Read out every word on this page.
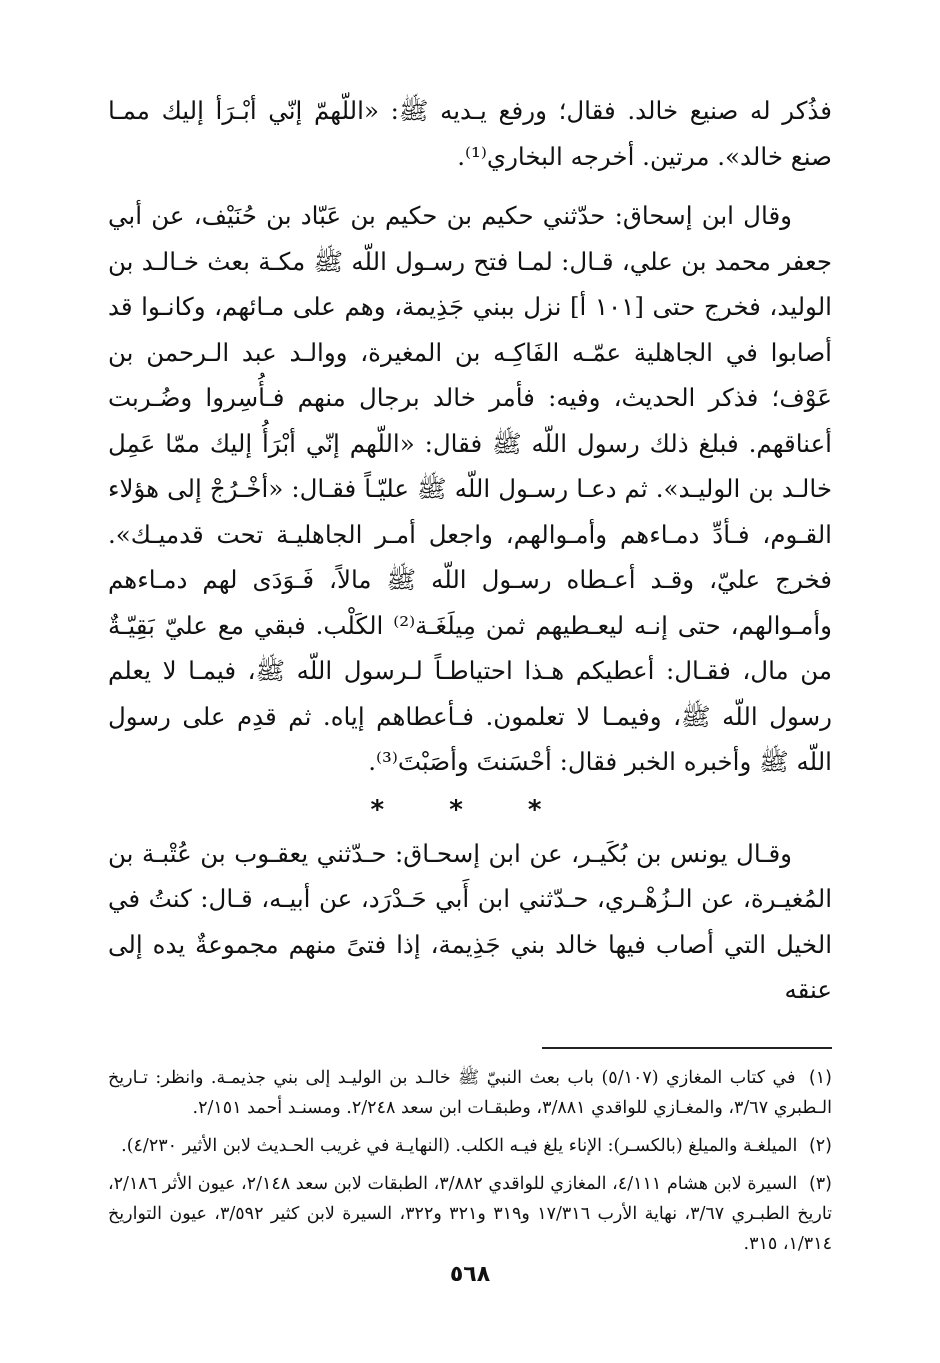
فذُكر له صنيع خالد. فقال؛ ورفع يـديه ﷺ: «اللّهمّ إنّي أبْـرَأ إليك ممـا صنع خالد». مرتين. أخرجه البخاري⁽¹⁾.

وقال ابن إسحاق: حدّثني حكيم بن حكيم بن عَبّاد بن حُنَيْف، عن أبي جعفر محمد بن علي، قـال: لمـا فتح رسـول اللّه ﷺ مكـة بعث خـالـد بن الوليد، فخرج حتى [١٠١ أ] نزل ببني جَذِيمة، وهم على مـائهم، وكانـوا قد أصابوا في الجاهلية عمّـه الفَاكِـه بن المغيرة، ووالـد عبد الـرحمن بن عَوْف؛ فذكر الحديث، وفيه: فأمر خالد برجال منهم فـأُسِروا وضُـربت أعناقهم. فبلغ ذلك رسول اللّه ﷺ فقال: «اللّهم إنّي أبْرَأُ إليك ممّا عَمِل خالـد بن الوليـد». ثم دعـا رسـول اللّه ﷺ عليّـاً فقـال: «أخْـرُجْ إلى هؤلاء القـوم، فـأدِّ دمـاءهم وأمـوالهم، واجعل أمـر الجاهليـة تحت قدميـك». فخرج عليّ، وقـد أعـطاه رسـول اللّه ﷺ مالاً، فَـوَدَى لهم دمـاءهم وأمـوالهم، حتى إنـه ليعـطيهم ثمن مِيلَغَـة⁽²⁾ الكَلْب. فبقي مع عليّ بَقِيّـةٌ من مال، فقـال: أعطيكم هـذا احتياطـاً لـرسول اللّه ﷺ، فيمـا لا يعلم رسول اللّه ﷺ، وفيمـا لا تعلمون. فـأعطاهم إياه. ثم قدِم على رسول اللّه ﷺ وأخبره الخبر فقال: أحْسَنتَ وأصَبْتَ⁽³⁾.

* * *

وقـال يونس بن بُكَيـر، عن ابن إسحـاق: حـدّثني يعقـوب بن عُتْبـة بن المُغيـرة، عن الـزُهْـري، حـدّثني ابن أَبي حَـدْرَد، عن أبيـه، قـال: كنتُ في الخيل التي أصاب فيها خالد بني جَذِيمة، إذا فتىً منهم مجموعةٌ يده إلى عنقه

(١) في كتاب المغازي (٥/١٠٧) باب بعث النبيّ ﷺ خالـد بن الوليـد إلى بني جذيمـة. وانظر: تـاريخ الـطبري ٣/٦٧، والمغـازي للواقدي ٣/٨٨١، وطبقـات ابن سعد ٢/٢٤٨. ومسنـد أحمد ٢/١٥١.

(٢) الميلغـة والميلغ (بالكسـر): الإناء يلغ فيـه الكلب. (النهايـة في غريب الحـديث لابن الأثير ٤/٢٣٠).

(٣) السيرة لابن هشام ٤/١١١، المغازي للواقدي ٣/٨٨٢، الطبقات لابن سعد ٢/١٤٨، عيون الأثر ٢/١٨٦، تاريخ الطبـري ٣/٦٧، نهاية الأرب ١٧/٣١٦ و٣١٩ و٣٢١ و٣٢٢، السيرة لابن كثير ٣/٥٩٢، عيون التواريخ ١/٣١٤، ٣١٥.

٥٦٨
